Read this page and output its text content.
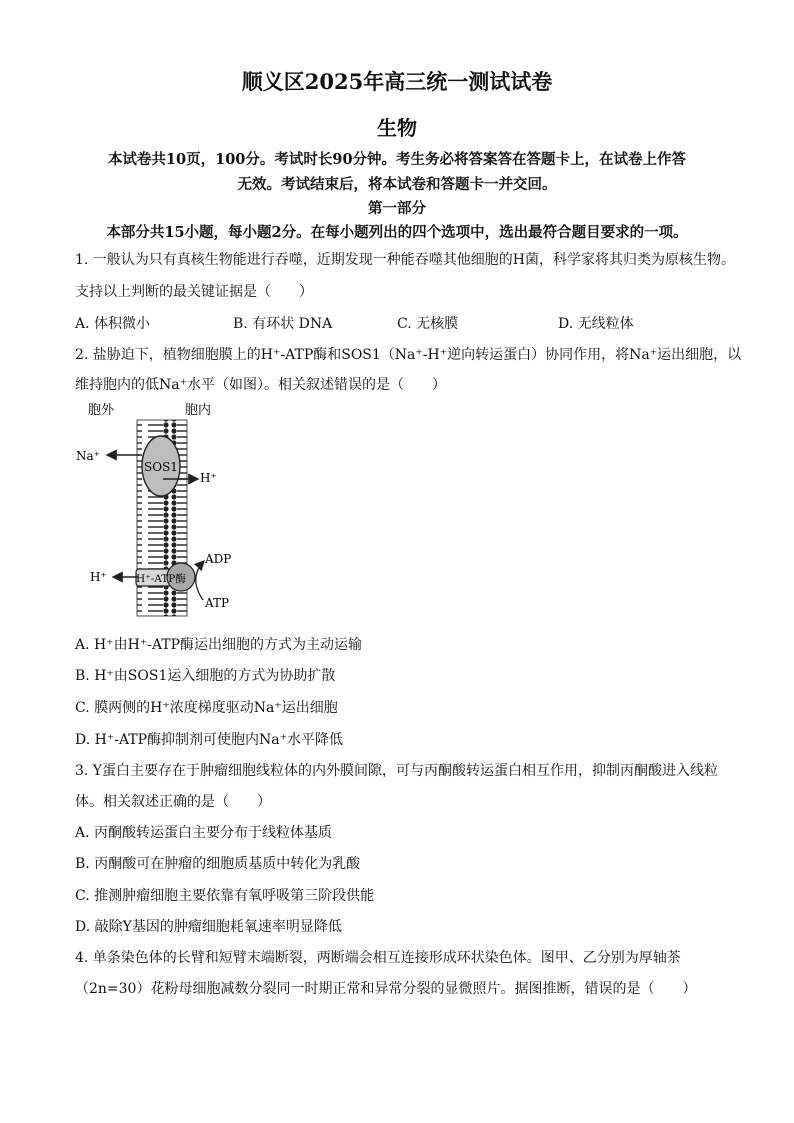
顺义区2025年高三统一测试试卷
生物
本试卷共10页，100分。考试时长90分钟。考生务必将答案答在答题卡上，在试卷上作答
无效。考试结束后，将本试卷和答题卡一并交回。
第一部分
本部分共15小题，每小题2分。在每小题列出的四个选项中，选出最符合题目要求的一项。
1. 一般认为只有真核生物能进行吞噬，近期发现一种能吞噬其他细胞的H菌，科学家将其归类为原核生物。
支持以上判断的最关键证据是（　　）
A. 体积微小	B. 有环状 DNA	C. 无核膜	D. 无线粒体
2. 盐胁迫下，植物细胞膜上的H⁺-ATP酶和SOS1（Na⁺-H⁺逆向转运蛋白）协同作用，将Na⁺运出细胞，以
维持胞内的低Na⁺水平（如图）。相关叙述错误的是（　　）
胞外	胞内
SOS1
Na⁺
H⁺
H⁺-ATP酶
H⁺
ADP
ATP
A. H⁺由H⁺-ATP酶运出细胞的方式为主动运输
B. H⁺由SOS1运入细胞的方式为协助扩散
C. 膜两侧的H⁺浓度梯度驱动Na⁺运出细胞
D. H⁺-ATP酶抑制剂可使胞内Na⁺水平降低
3. Y蛋白主要存在于肿瘤细胞线粒体的内外膜间隙，可与丙酮酸转运蛋白相互作用，抑制丙酮酸进入线粒
体。相关叙述正确的是（　　）
A. 丙酮酸转运蛋白主要分布于线粒体基质
B. 丙酮酸可在肿瘤的细胞质基质中转化为乳酸
C. 推测肿瘤细胞主要依靠有氧呼吸第三阶段供能
D. 敲除Y基因的肿瘤细胞耗氧速率明显降低
4. 单条染色体的长臂和短臂末端断裂，两断端会相互连接形成环状染色体。图甲、乙分别为厚轴茶
（2n=30）花粉母细胞减数分裂同一时期正常和异常分裂的显微照片。据图推断，错误的是（　　）
